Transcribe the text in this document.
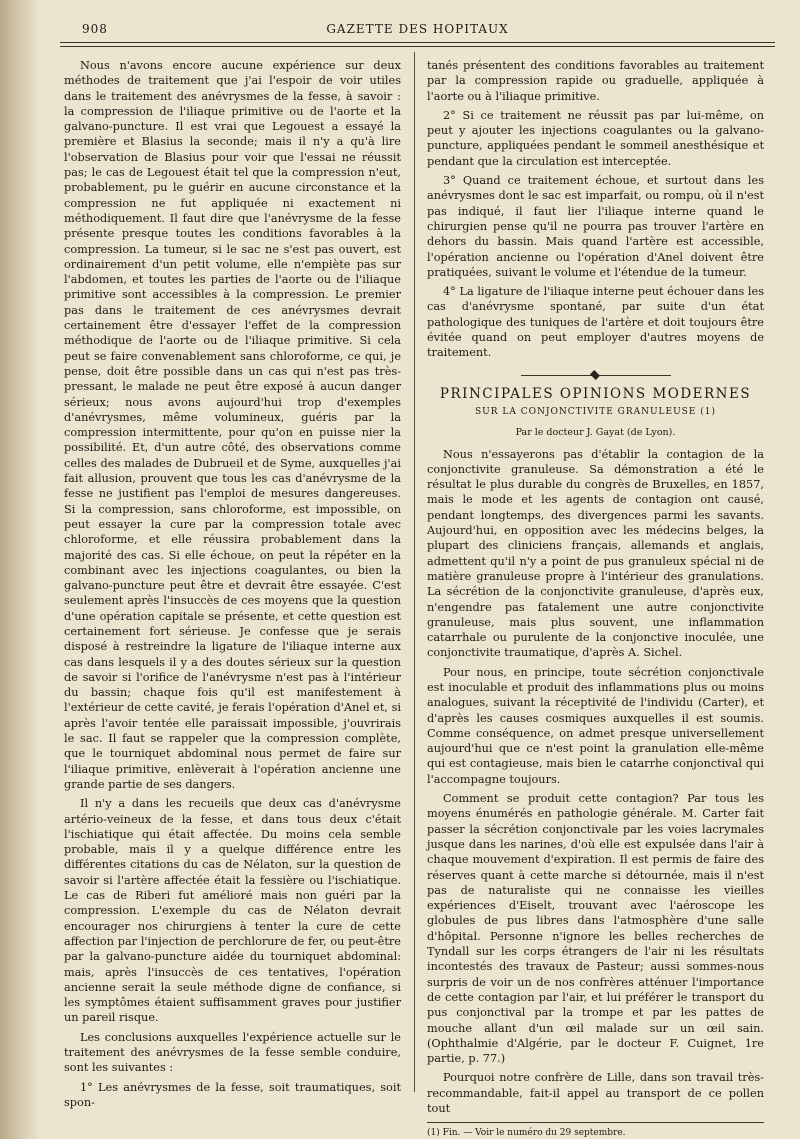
908	GAZETTE DES HOPITAUX

Nous n'avons encore aucune expérience sur deux méthodes de traitement que j'ai l'espoir de voir utiles dans le traitement des anévrysmes de la fesse, à savoir : la compression de l'iliaque primitive ou de l'aorte et la galvano-puncture. Il est vrai que Legouest a essayé la première et Blasius la seconde; mais il n'y a qu'à lire l'observation de Blasius pour voir que l'essai ne réussit pas; le cas de Legouest était tel que la compression n'eut, probablement, pu le guérir en aucune circonstance et la compression ne fut appliquée ni exactement ni méthodiquement. Il faut dire que l'anévrysme de la fesse présente presque toutes les conditions favorables à la compression. La tumeur, si le sac ne s'est pas ouvert, est ordinairement d'un petit volume, elle n'empiète pas sur l'abdomen, et toutes les parties de l'aorte ou de l'iliaque primitive sont accessibles à la compression. Le premier pas dans le traitement de ces anévrysmes devrait certainement être d'essayer l'effet de la compression méthodique de l'aorte ou de l'iliaque primitive. Si cela peut se faire convenablement sans chloroforme, ce qui, je pense, doit être possible dans un cas qui n'est pas très-pressant, le malade ne peut être exposé à aucun danger sérieux; nous avons aujourd'hui trop d'exemples d'anévrysmes, même volumineux, guéris par la compression intermittente, pour qu'on en puisse nier la possibilité. Et, d'un autre côté, des observations comme celles des malades de Dubrueil et de Syme, auxquelles j'ai fait allusion, prouvent que tous les cas d'anévrysme de la fesse ne justifient pas l'emploi de mesures dangereuses. Si la compression, sans chloroforme, est impossible, on peut essayer la cure par la compression totale avec chloroforme, et elle réussira probablement dans la majorité des cas. Si elle échoue, on peut la répéter en la combinant avec les injections coagulantes, ou bien la galvano-puncture peut être et devrait être essayée. C'est seulement après l'insuccès de ces moyens que la question d'une opération capitale se présente, et cette question est certainement fort sérieuse. Je confesse que je serais disposé à restreindre la ligature de l'iliaque interne aux cas dans lesquels il y a des doutes sérieux sur la question de savoir si l'orifice de l'anévrysme n'est pas à l'intérieur du bassin; chaque fois qu'il est manifestement à l'extérieur de cette cavité, je ferais l'opération d'Anel et, si après l'avoir tentée elle paraissait impossible, j'ouvrirais le sac. Il faut se rappeler que la compression complète, que le tourniquet abdominal nous permet de faire sur l'iliaque primitive, enlèverait à l'opération ancienne une grande partie de ses dangers.

Il n'y a dans les recueils que deux cas d'anévrysme artério-veineux de la fesse, et dans tous deux c'était l'ischiatique qui était affectée. Du moins cela semble probable, mais il y a quelque différence entre les différentes citations du cas de Nélaton, sur la question de savoir si l'artère affectée était la fessière ou l'ischiatique. Le cas de Riberi fut amélioré mais non guéri par la compression. L'exemple du cas de Nélaton devrait encourager nos chirurgiens à tenter la cure de cette affection par l'injection de perchlorure de fer, ou peut-être par la galvano-puncture aidée du tourniquet abdominal: mais, après l'insuccès de ces tentatives, l'opération ancienne serait la seule méthode digne de confiance, si les symptômes étaient suffisamment graves pour justifier un pareil risque.

Les conclusions auxquelles l'expérience actuelle sur le traitement des anévrysmes de la fesse semble conduire, sont les suivantes :

1° Les anévrysmes de la fesse, soit traumatiques, soit spon-

tanés présentent des conditions favorables au traitement par la compression rapide ou graduelle, appliquée à l'aorte ou à l'iliaque primitive.

2° Si ce traitement ne réussit pas par lui-même, on peut y ajouter les injections coagulantes ou la galvano-puncture, appliquées pendant le sommeil anesthésique et pendant que la circulation est interceptée.

3° Quand ce traitement échoue, et surtout dans les anévrysmes dont le sac est imparfait, ou rompu, où il n'est pas indiqué, il faut lier l'iliaque interne quand le chirurgien pense qu'il ne pourra pas trouver l'artère en dehors du bassin. Mais quand l'artère est accessible, l'opération ancienne ou l'opération d'Anel doivent être pratiquées, suivant le volume et l'étendue de la tumeur.

4° La ligature de l'iliaque interne peut échouer dans les cas d'anévrysme spontané, par suite d'un état pathologique des tuniques de l'artère et doit toujours être évitée quand on peut employer d'autres moyens de traitement.

PRINCIPALES OPINIONS MODERNES
SUR LA CONJONCTIVITE GRANULEUSE (1)
Par le docteur J. Gayat (de Lyon).

Nous n'essayerons pas d'établir la contagion de la conjonctivite granuleuse. Sa démonstration a été le résultat le plus durable du congrès de Bruxelles, en 1857, mais le mode et les agents de contagion ont causé, pendant longtemps, des divergences parmi les savants. Aujourd'hui, en opposition avec les médecins belges, la plupart des cliniciens français, allemands et anglais, admettent qu'il n'y a point de pus granuleux spécial ni de matière granuleuse propre à l'intérieur des granulations. La sécrétion de la conjonctivite granuleuse, d'après eux, n'engendre pas fatalement une autre conjonctivite granuleuse, mais plus souvent, une inflammation catarrhale ou purulente de la conjonctive inoculée, une conjonctivite traumatique, d'après A. Sichel.

Pour nous, en principe, toute sécrétion conjonctivale est inoculable et produit des inflammations plus ou moins analogues, suivant la réceptivité de l'individu (Carter), et d'après les causes cosmiques auxquelles il est soumis. Comme conséquence, on admet presque universellement aujourd'hui que ce n'est point la granulation elle-même qui est contagieuse, mais bien le catarrhe conjonctival qui l'accompagne toujours.

Comment se produit cette contagion? Par tous les moyens énumérés en pathologie générale. M. Carter fait passer la sécrétion conjonctivale par les voies lacrymales jusque dans les narines, d'où elle est expulsée dans l'air à chaque mouvement d'expiration. Il est permis de faire des réserves quant à cette marche si détournée, mais il n'est pas de naturaliste qui ne connaisse les vieilles expériences d'Eiselt, trouvant avec l'aéroscope les globules de pus libres dans l'atmosphère d'une salle d'hôpital. Personne n'ignore les belles recherches de Tyndall sur les corps étrangers de l'air ni les résultats incontestés des travaux de Pasteur; aussi sommes-nous surpris de voir un de nos confrères atténuer l'importance de cette contagion par l'air, et lui préférer le transport du pus conjonctival par la trompe et par les pattes de mouche allant d'un œil malade sur un œil sain. (Ophthalmie d'Algérie, par le docteur F. Cuignet, 1re partie, p. 77.)

Pourquoi notre confrère de Lille, dans son travail très-recommandable, fait-il appel au transport de ce pollen tout

(1) Fin. — Voir le numéro du 29 septembre.
